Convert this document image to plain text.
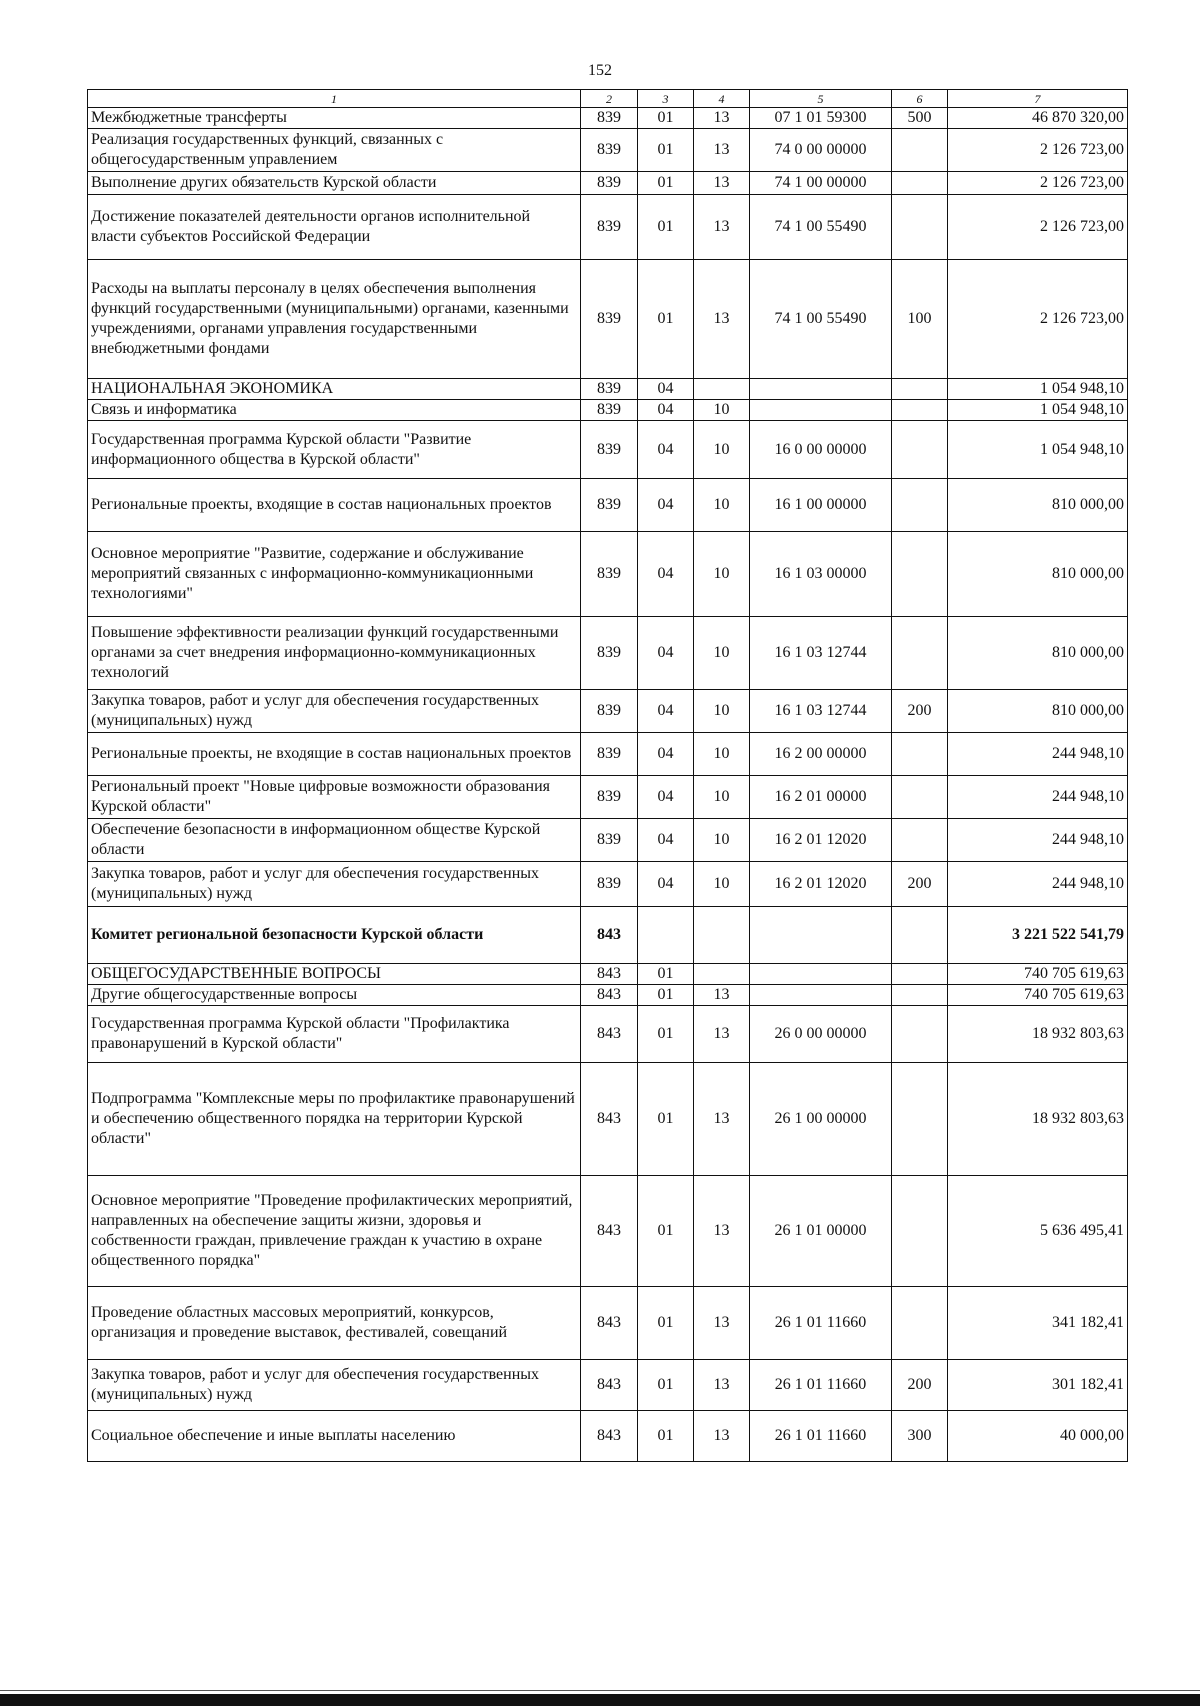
152
1	2	3	4	5	6	7
Межбюджетные трансферты	839	01	13	07 1 01 59300	500	46 870 320,00
Реализация государственных функций, связанных с общегосударственным управлением	839	01	13	74 0 00 00000		2 126 723,00
Выполнение других обязательств Курской области	839	01	13	74 1 00 00000		2 126 723,00
Достижение показателей деятельности органов исполнительной власти субъектов Российской Федерации	839	01	13	74 1 00 55490		2 126 723,00
Расходы на выплаты персоналу в целях обеспечения выполнения функций государственными (муниципальными) органами, казенными учреждениями, органами управления государственными внебюджетными фондами	839	01	13	74 1 00 55490	100	2 126 723,00
НАЦИОНАЛЬНАЯ ЭКОНОМИКА	839	04				1 054 948,10
Связь и информатика	839	04	10			1 054 948,10
Государственная программа Курской области "Развитие информационного общества в Курской области"	839	04	10	16 0 00 00000		1 054 948,10
Региональные проекты, входящие в состав национальных проектов	839	04	10	16 1 00 00000		810 000,00
Основное мероприятие "Развитие, содержание и обслуживание мероприятий связанных с информационно-коммуникационными технологиями"	839	04	10	16 1 03 00000		810 000,00
Повышение эффективности реализации функций государственными органами за счет внедрения информационно-коммуникационных технологий	839	04	10	16 1 03 12744		810 000,00
Закупка товаров, работ и услуг для обеспечения государственных (муниципальных) нужд	839	04	10	16 1 03 12744	200	810 000,00
Региональные проекты, не входящие в состав национальных проектов	839	04	10	16 2 00 00000		244 948,10
Региональный проект "Новые цифровые возможности образования Курской области"	839	04	10	16 2 01 00000		244 948,10
Обеспечение безопасности в информационном обществе Курской области	839	04	10	16 2 01 12020		244 948,10
Закупка товаров, работ и услуг для обеспечения государственных (муниципальных) нужд	839	04	10	16 2 01 12020	200	244 948,10
Комитет региональной безопасности Курской области	843					3 221 522 541,79
ОБЩЕГОСУДАРСТВЕННЫЕ ВОПРОСЫ	843	01				740 705 619,63
Другие общегосударственные вопросы	843	01	13			740 705 619,63
Государственная программа Курской области "Профилактика правонарушений в Курской области"	843	01	13	26 0 00 00000		18 932 803,63
Подпрограмма "Комплексные меры по профилактике правонарушений и обеспечению общественного порядка на территории Курской области"	843	01	13	26 1 00 00000		18 932 803,63
Основное мероприятие "Проведение профилактических мероприятий, направленных на обеспечение защиты жизни, здоровья и собственности граждан, привлечение граждан к участию в охране общественного порядка"	843	01	13	26 1 01 00000		5 636 495,41
Проведение областных массовых мероприятий, конкурсов, организация и проведение выставок, фестивалей, совещаний	843	01	13	26 1 01 11660		341 182,41
Закупка товаров, работ и услуг для обеспечения государственных (муниципальных) нужд	843	01	13	26 1 01 11660	200	301 182,41
Социальное обеспечение и иные выплаты населению	843	01	13	26 1 01 11660	300	40 000,00
